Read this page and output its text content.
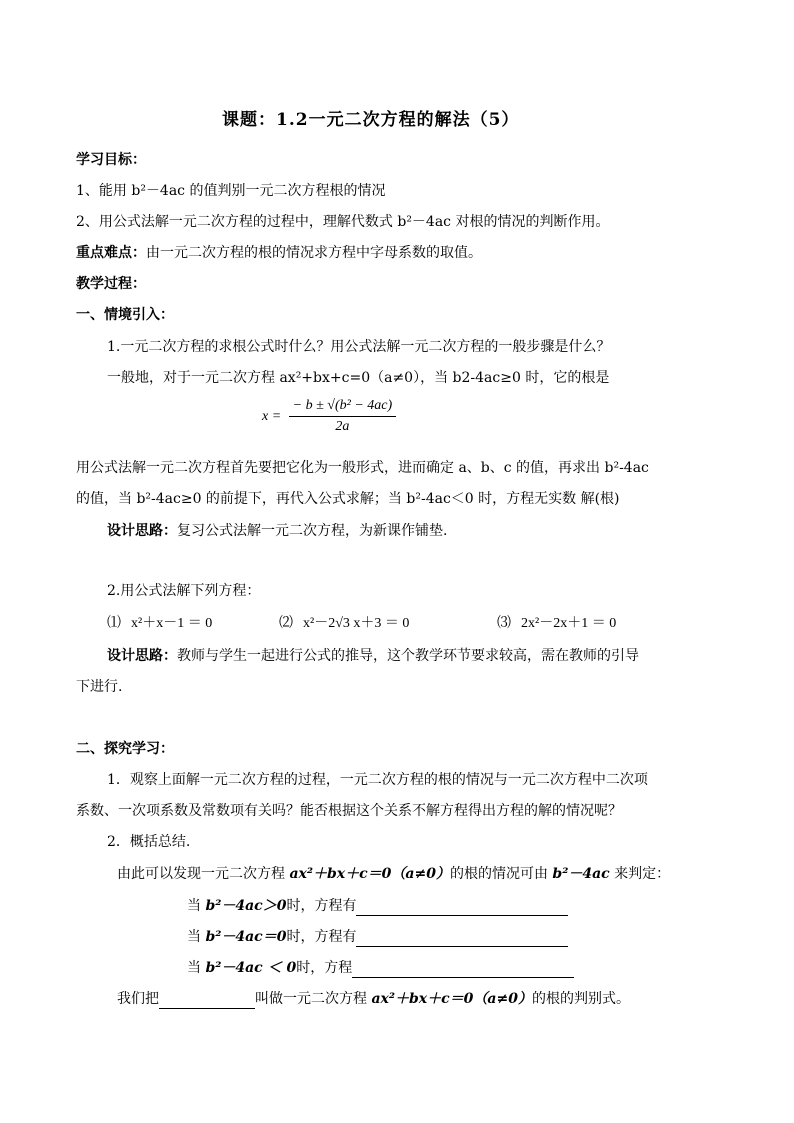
课题：1.2一元二次方程的解法（5）
学习目标：
1、能用 b²－4ac 的值判别一元二次方程根的情况
2、用公式法解一元二次方程的过程中，理解代数式 b²－4ac 对根的情况的判断作用。
重点难点：由一元二次方程的根的情况求方程中字母系数的取值。
教学过程：
一、情境引入：
1.一元二次方程的求根公式时什么？用公式法解一元二次方程的一般步骤是什么？
一般地，对于一元二次方程 ax²+bx+c=0（a≠0），当 b2-4ac≥0 时，它的根是
$x = \frac{\text{− b ± √(b² − 4ac)}}{2a}$
用公式法解一元二次方程首先要把它化为一般形式，进而确定 a、b、c 的值，再求出 b²-4ac
的值，当 b²-4ac≥0 的前提下，再代入公式求解；当 b²-4ac＜0 时，方程无实数 解(根)
设计思路：复习公式法解一元二次方程，为新课作铺垫.
2.用公式法解下列方程：
⑴ x²＋x－1 ＝ 0	⑵ x²－2√3 x＋3 ＝ 0	⑶ 2x²－2x＋1 ＝ 0
设计思路：教师与学生一起进行公式的推导，这个教学环节要求较高，需在教师的引导
下进行.
二、探究学习：
1．观察上面解一元二次方程的过程，一元二次方程的根的情况与一元二次方程中二次项
系数、一次项系数及常数项有关吗？能否根据这个关系不解方程得出方程的解的情况呢？
2．概括总结.
由此可以发现一元二次方程 ax²＋bx＋c＝0（a≠0）的根的情况可由 b²－4ac 来判定：
当 b²－4ac＞0时，方程有
当 b²－4ac＝0时，方程有
当 b²－4ac ＜ 0时，方程
我们把	叫做一元二次方程 ax²＋bx＋c＝0（a≠0）的根的判别式。
